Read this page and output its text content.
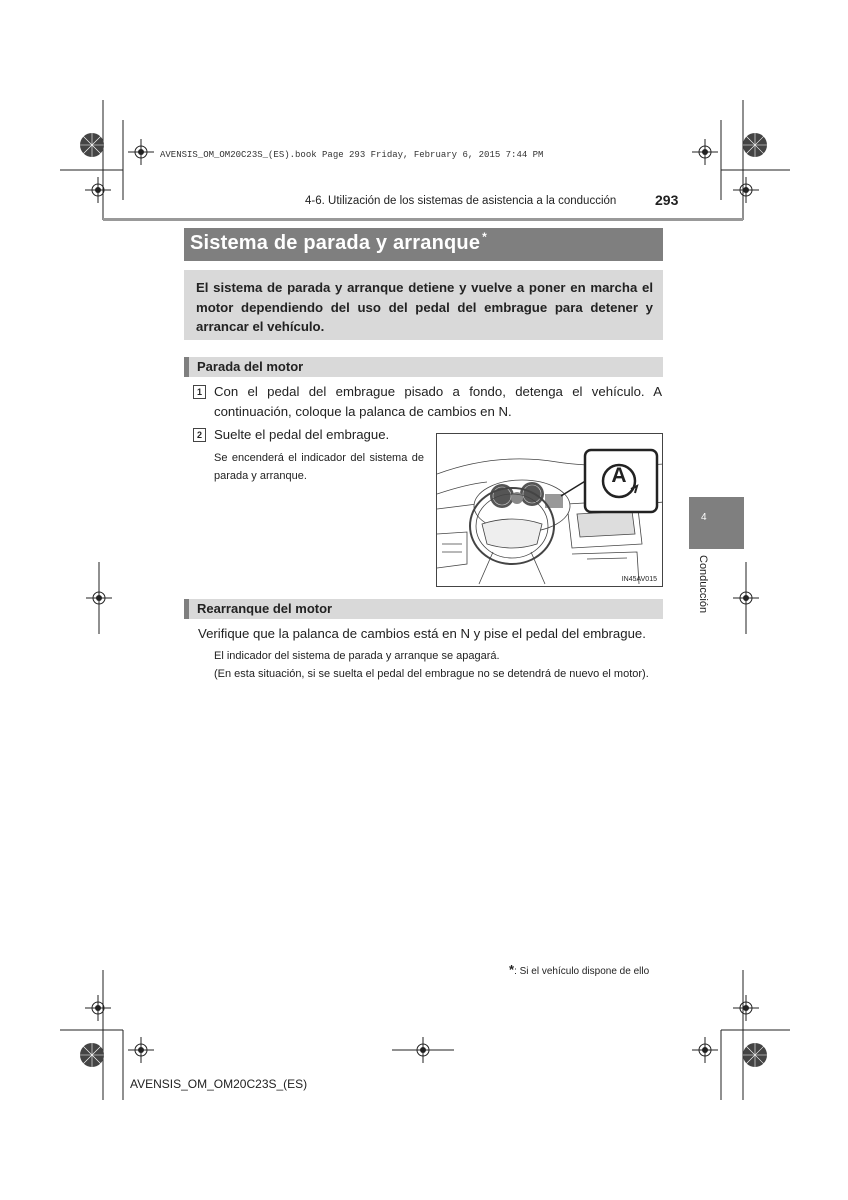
AVENSIS_OM_OM20C23S_(ES).book Page 293 Friday, February 6, 2015 7:44 PM
4-6. Utilización de los sistemas de asistencia a la conducción	293
Sistema de parada y arranque *
El sistema de parada y arranque detiene y vuelve a poner en marcha el motor dependiendo del uso del pedal del embrague para detener y arrancar el vehículo.
Parada del motor
1 Con el pedal del embrague pisado a fondo, detenga el vehículo. A continuación, coloque la palanca de cambios en N.
2 Suelte el pedal del embrague.
Se encenderá el indicador del sistema de parada y arranque.	A
IN45AV015
Rearranque del motor
Verifique que la palanca de cambios está en N y pise el pedal del embrague.
El indicador del sistema de parada y arranque se apagará.
(En esta situación, si se suelta el pedal del embrague no se detendrá de nuevo el motor).
4
Conducción
*: Si el vehículo dispone de ello
AVENSIS_OM_OM20C23S_(ES)
